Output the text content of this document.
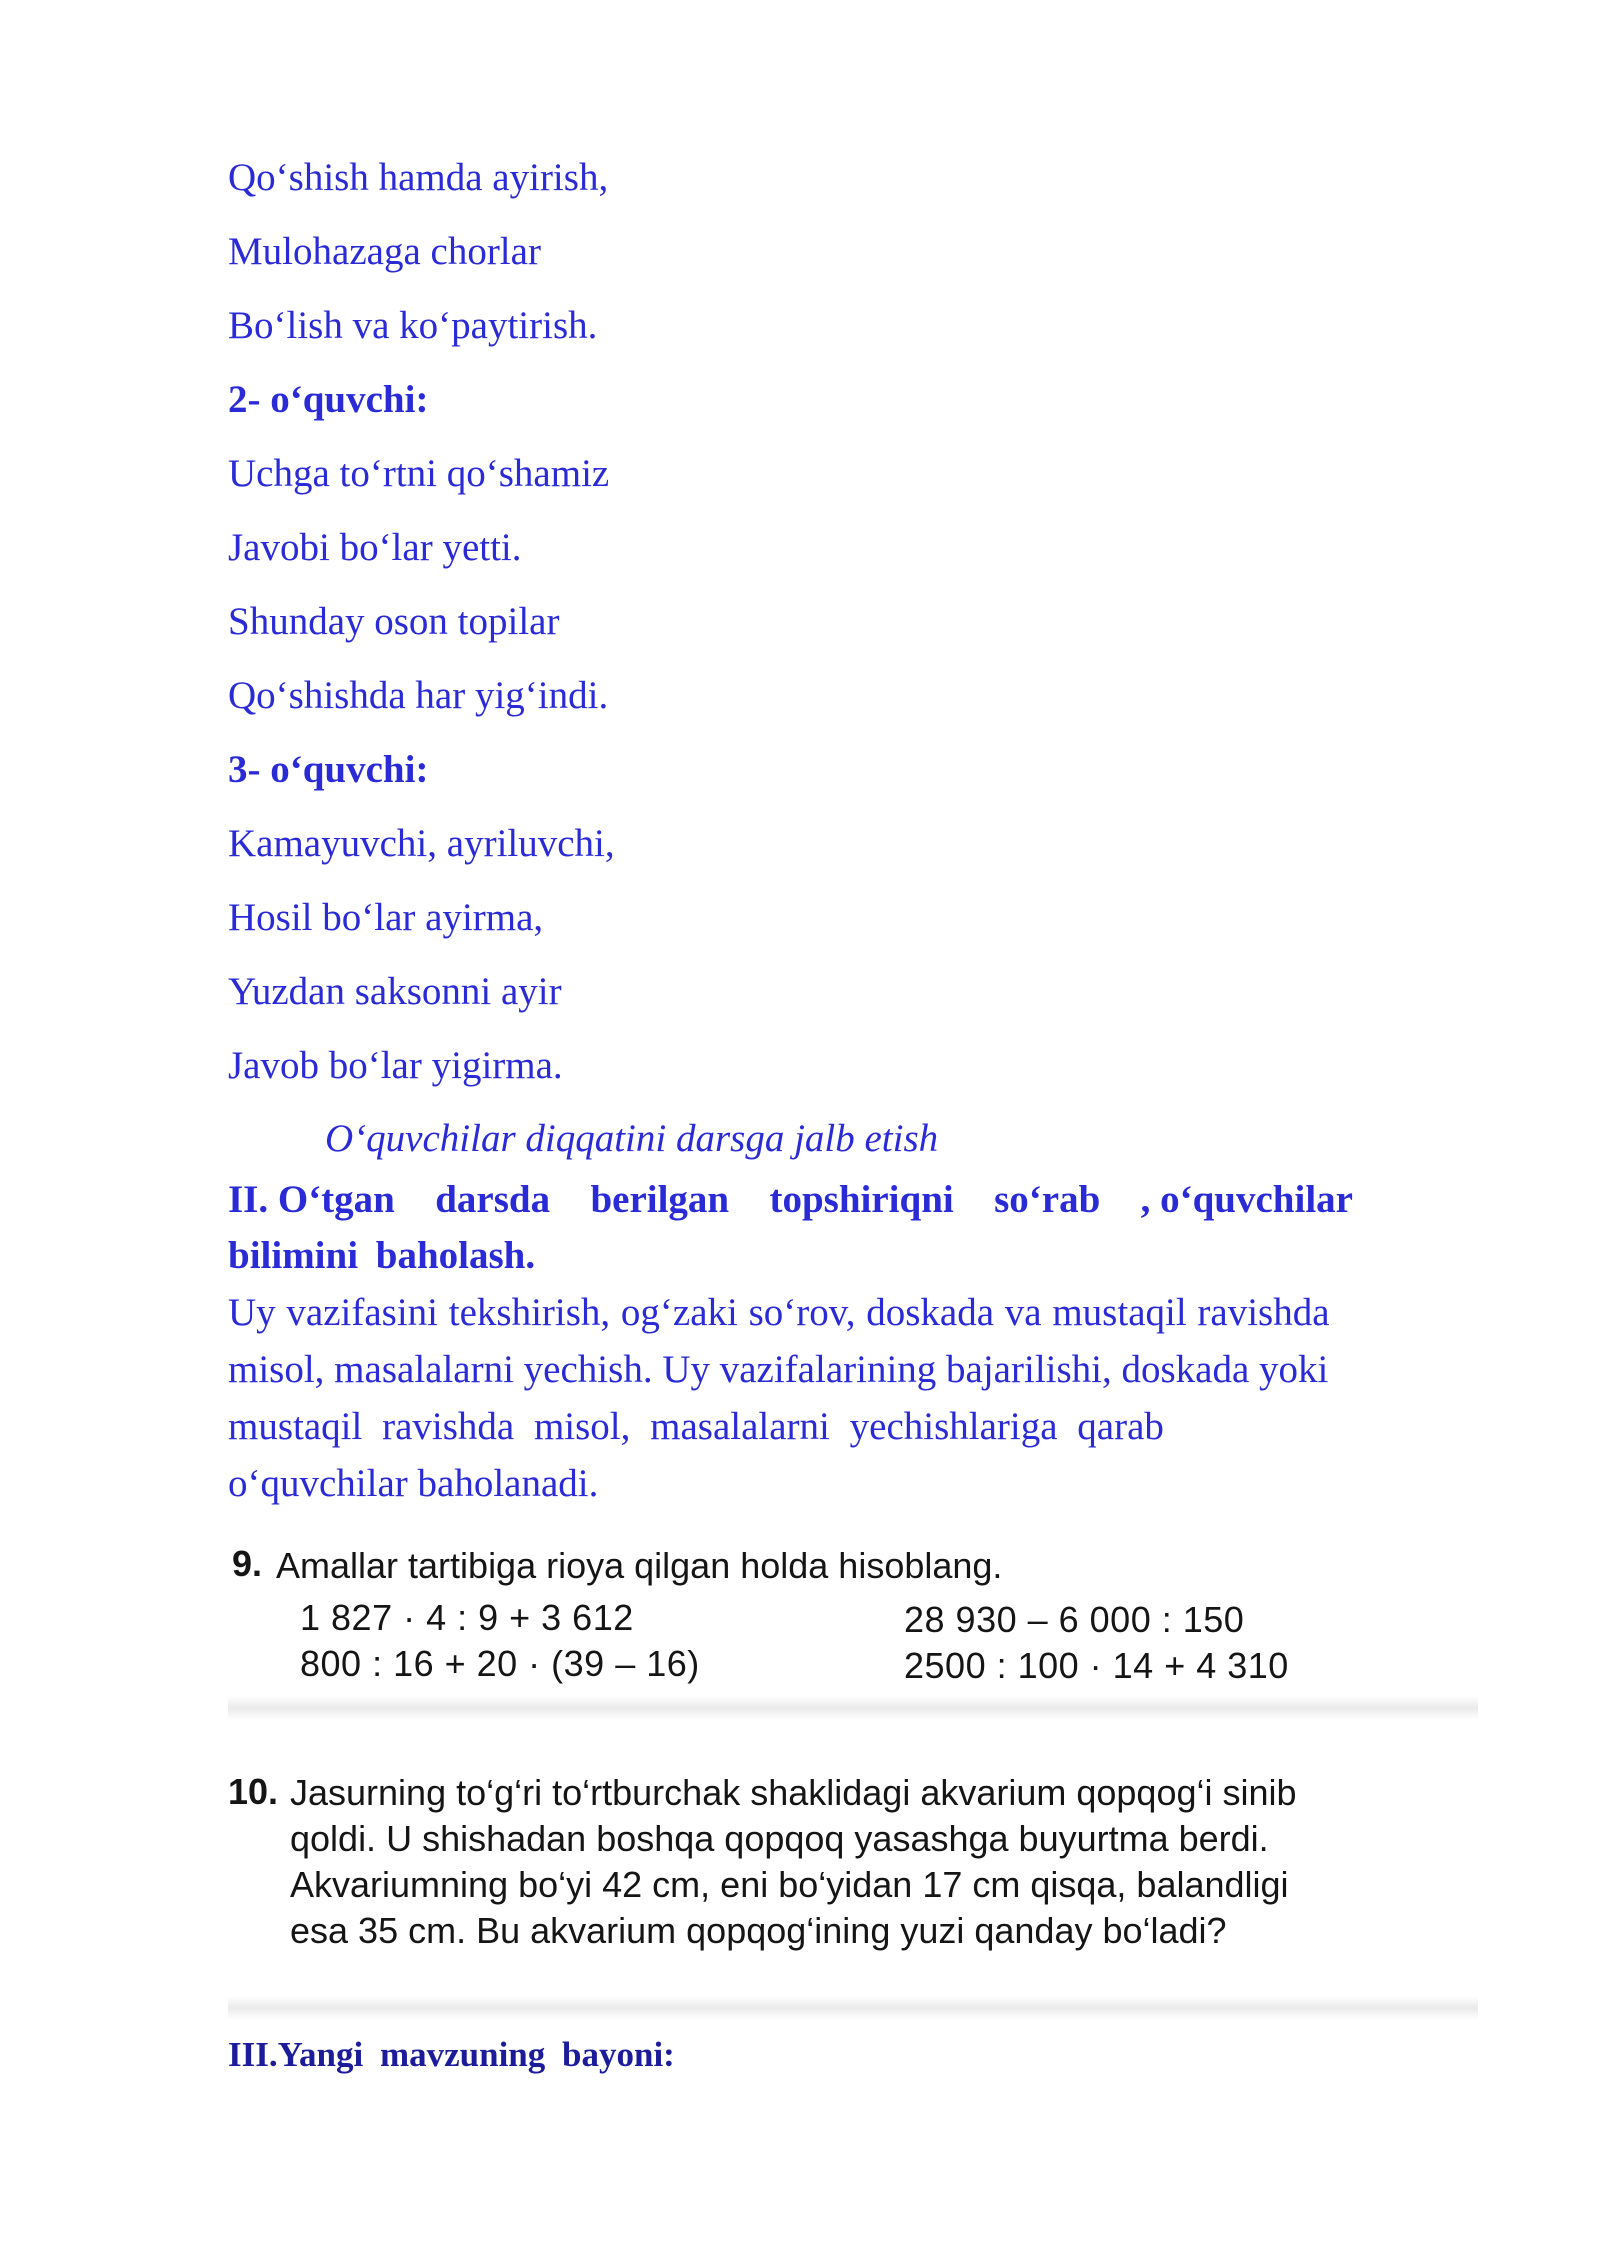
Qo‘shish hamda ayirish,
Mulohazaga chorlar
Bo‘lish va ko‘paytirish.
2- o‘quvchi:
Uchga to‘rtni qo‘shamiz
Javobi bo‘lar yetti.
Shunday oson topilar
Qo‘shishda har yig‘indi.
3- o‘quvchi:
Kamayuvchi, ayriluvchi,
Hosil bo‘lar ayirma,
Yuzdan saksonni ayir
Javob bo‘lar yigirma.
O‘quvchilar diqqatini darsga jalb etish
II. O‘tgan darsda berilgan topshiriqni so‘rab , o‘quvchilar
bilimini baholash.
Uy vazifasini tekshirish, og‘zaki so‘rov, doskada va mustaqil ravishda
misol, masalalarni yechish. Uy vazifalarining bajarilishi, doskada yoki
mustaqil ravishda misol, masalalarni yechishlariga qarab
o‘quvchilar baholanadi.
9. Amallar tartibiga rioya qilgan holda hisoblang.
1 827 · 4 : 9 + 3 612
800 : 16 + 20 · (39 – 16)
28 930 – 6 000 : 150
2500 : 100 · 14 + 4 310
10. Jasurning to‘g‘ri to‘rtburchak shaklidagi akvarium qopqog‘i sinib
qoldi. U shishadan boshqa qopqoq yasashga buyurtma berdi.
Akvariumning bo‘yi 42 cm, eni bo‘yidan 17 cm qisqa, balandligi
esa 35 cm. Bu akvarium qopqog‘ining yuzi qanday bo‘ladi?
III.Yangi mavzuning bayoni:
